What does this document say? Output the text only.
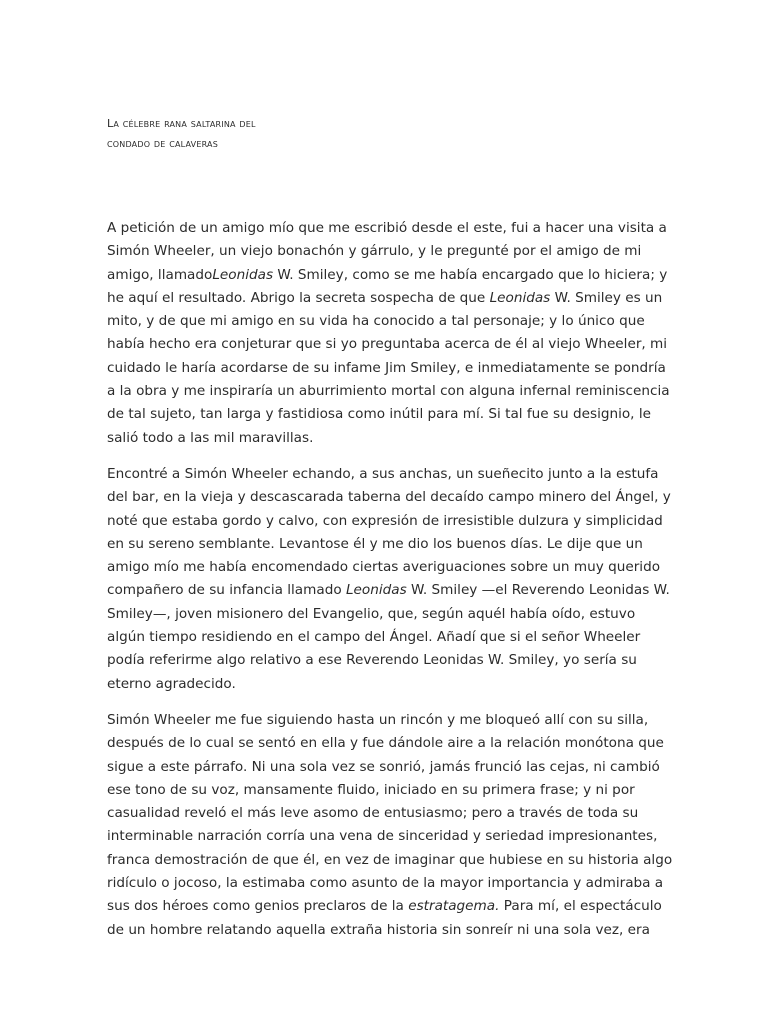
La célebre rana saltarina del
condado de calaveras
A petición de un amigo mío que me escribió desde el este, fui a hacer una visita a
Simón Wheeler, un viejo bonachón y gárrulo, y le pregunté por el amigo de mi
amigo, llamadoLeonidas W. Smiley, como se me había encargado que lo hiciera; y
he aquí el resultado. Abrigo la secreta sospecha de que Leonidas W. Smiley es un
mito, y de que mi amigo en su vida ha conocido a tal personaje; y lo único que
había hecho era conjeturar que si yo preguntaba acerca de él al viejo Wheeler, mi
cuidado le haría acordarse de su infame Jim Smiley, e inmediatamente se pondría
a la obra y me inspiraría un aburrimiento mortal con alguna infernal reminiscencia
de tal sujeto, tan larga y fastidiosa como inútil para mí. Si tal fue su designio, le
salió todo a las mil maravillas.
Encontré a Simón Wheeler echando, a sus anchas, un sueñecito junto a la estufa
del bar, en la vieja y descascarada taberna del decaído campo minero del Ángel, y
noté que estaba gordo y calvo, con expresión de irresistible dulzura y simplicidad
en su sereno semblante. Levantose él y me dio los buenos días. Le dije que un
amigo mío me había encomendado ciertas averiguaciones sobre un muy querido
compañero de su infancia llamado Leonidas W. Smiley —el Reverendo Leonidas W.
Smiley—, joven misionero del Evangelio, que, según aquél había oído, estuvo
algún tiempo residiendo en el campo del Ángel. Añadí que si el señor Wheeler
podía referirme algo relativo a ese Reverendo Leonidas W. Smiley, yo sería su
eterno agradecido.
Simón Wheeler me fue siguiendo hasta un rincón y me bloqueó allí con su silla,
después de lo cual se sentó en ella y fue dándole aire a la relación monótona que
sigue a este párrafo. Ni una sola vez se sonrió, jamás frunció las cejas, ni cambió
ese tono de su voz, mansamente fluido, iniciado en su primera frase; y ni por
casualidad reveló el más leve asomo de entusiasmo; pero a través de toda su
interminable narración corría una vena de sinceridad y seriedad impresionantes,
franca demostración de que él, en vez de imaginar que hubiese en su historia algo
ridículo o jocoso, la estimaba como asunto de la mayor importancia y admiraba a
sus dos héroes como genios preclaros de la estratagema. Para mí, el espectáculo
de un hombre relatando aquella extraña historia sin sonreír ni una sola vez, era
